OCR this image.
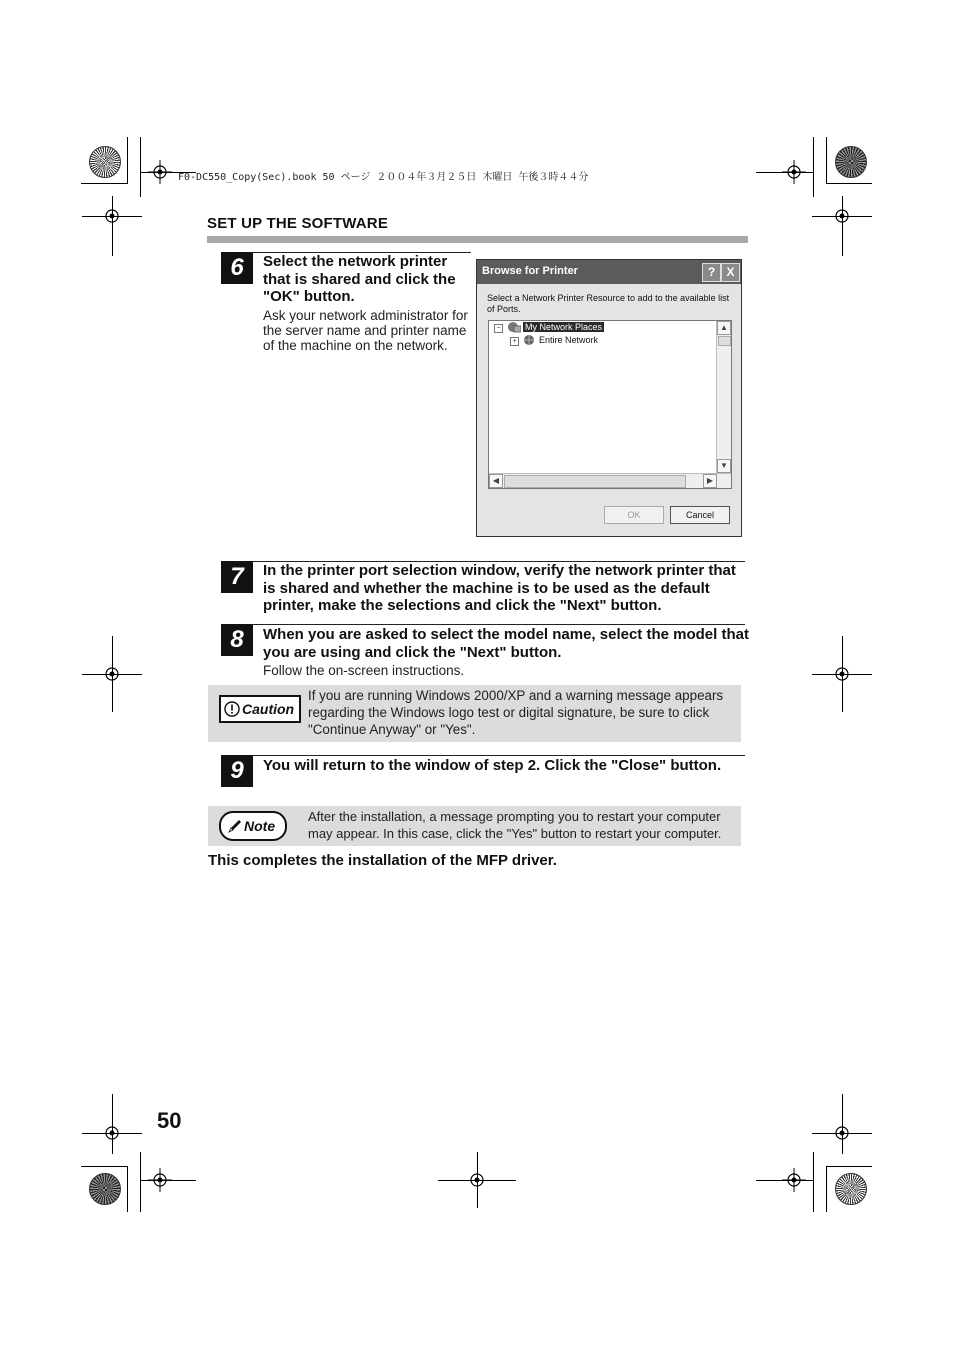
F0-DC550_Copy(Sec).book 50 ページ ２００４年３月２５日 木曜日 午後３時４４分
SET UP THE SOFTWARE
6	Select the network printer that is shared and click the "OK" button.
Ask your network administrator for the server name and printer name of the machine on the network.
Browse for Printer	? X
Select a Network Printer Resource to add to the available list of Ports.
−	My Network Places
+ Entire Network
▲
▼
◀	▶
OK	Cancel
7	In the printer port selection window, verify the network printer that is shared and whether the machine is to be used as the default printer, make the selections and click the "Next" button.
8	When you are asked to select the model name, select the model that you are using and click the "Next" button.
Follow the on-screen instructions.
Caution
If you are running Windows 2000/XP and a warning message appears regarding the Windows logo test or digital signature, be sure to click "Continue Anyway" or "Yes".
9	You will return to the window of step 2. Click the "Close" button.
Note
After the installation, a message prompting you to restart your computer may appear. In this case, click the "Yes" button to restart your computer.
This completes the installation of the MFP driver.
50
